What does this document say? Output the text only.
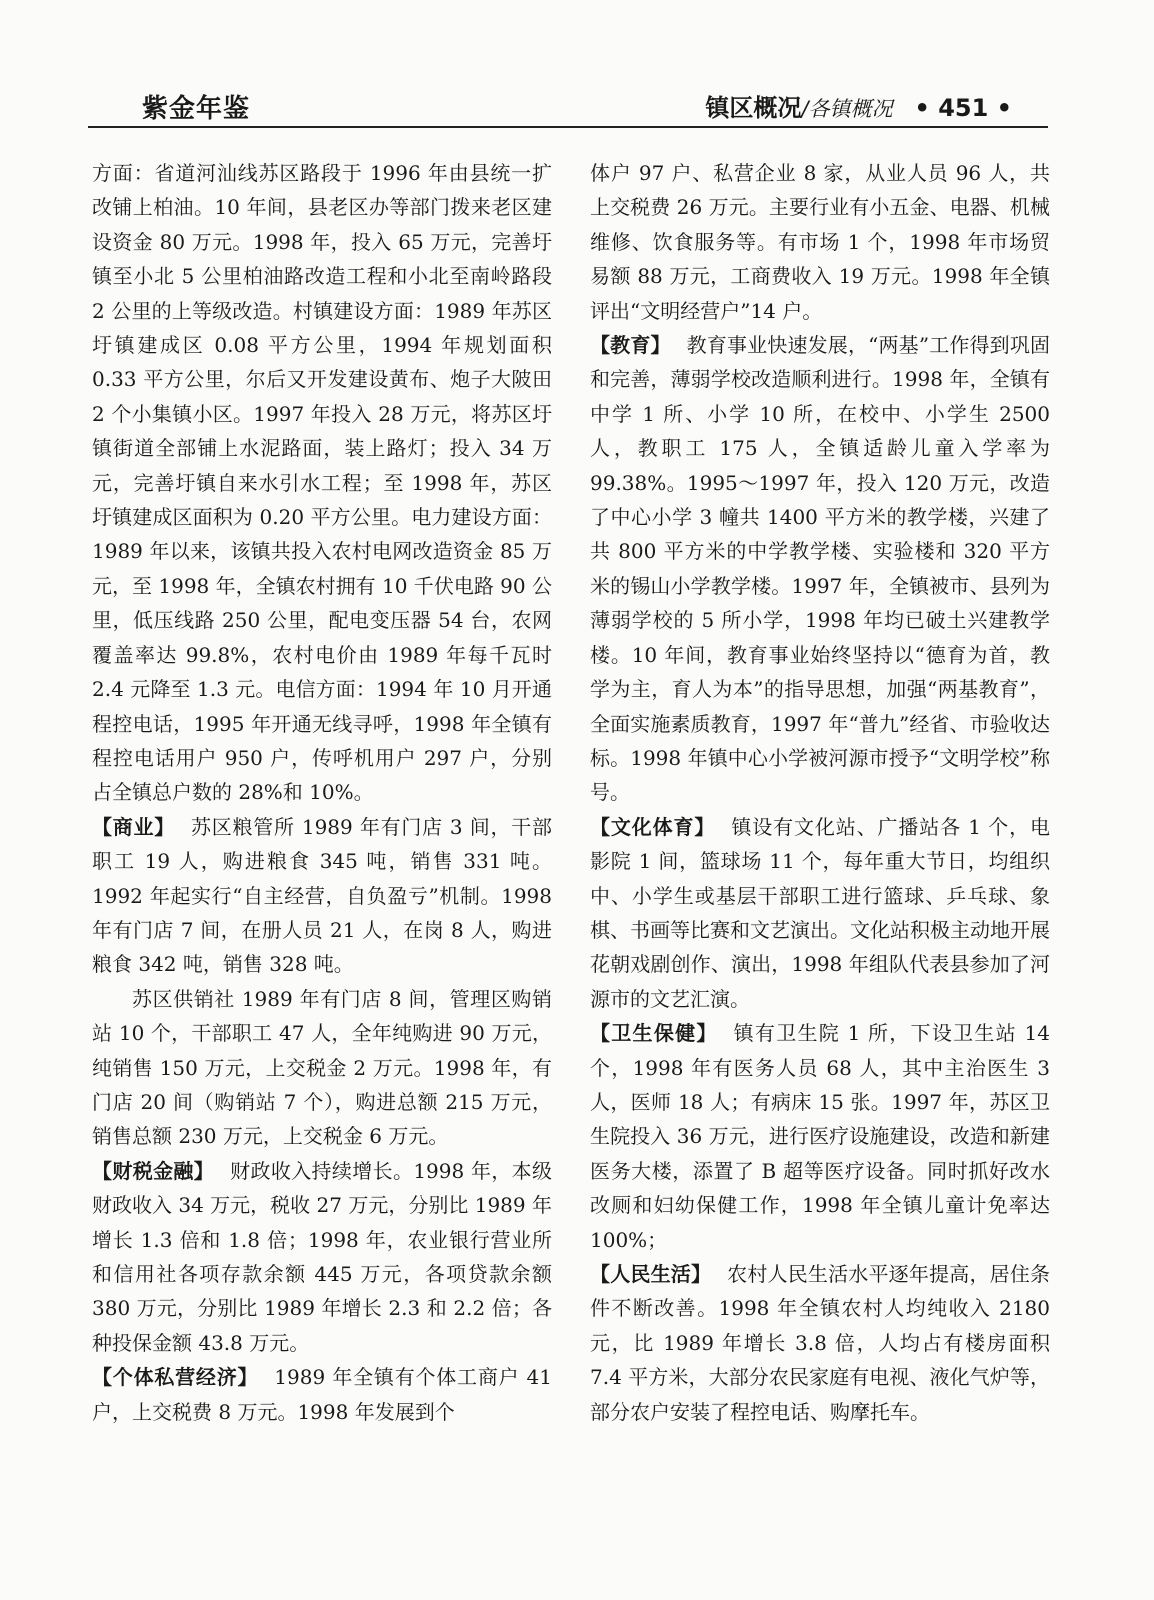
紫金年鉴	镇区概况/各镇概况 • 451 •

方面：省道河汕线苏区路段于 1996 年由县统一扩改铺上柏油。10 年间，县老区办等部门拨来老区建设资金 80 万元。1998 年，投入 65 万元，完善圩镇至小北 5 公里柏油路改造工程和小北至南岭路段 2 公里的上等级改造。村镇建设方面：1989 年苏区圩镇建成区 0.08 平方公里，1994 年规划面积 0.33 平方公里，尔后又开发建设黄布、炮子大陂田 2 个小集镇小区。1997 年投入 28 万元，将苏区圩镇街道全部铺上水泥路面，装上路灯；投入 34 万元，完善圩镇自来水引水工程；至 1998 年，苏区圩镇建成区面积为 0.20 平方公里。电力建设方面：1989 年以来，该镇共投入农村电网改造资金 85 万元，至 1998 年，全镇农村拥有 10 千伏电路 90 公里，低压线路 250 公里，配电变压器 54 台，农网覆盖率达 99.8%，农村电价由 1989 年每千瓦时 2.4 元降至 1.3 元。电信方面：1994 年 10 月开通程控电话，1995 年开通无线寻呼，1998 年全镇有程控电话用户 950 户，传呼机用户 297 户，分别占全镇总户数的 28%和 10%。

【商业】 苏区粮管所 1989 年有门店 3 间，干部职工 19 人，购进粮食 345 吨，销售 331 吨。1992 年起实行“自主经营，自负盈亏”机制。1998 年有门店 7 间，在册人员 21 人，在岗 8 人，购进粮食 342 吨，销售 328 吨。

苏区供销社 1989 年有门店 8 间，管理区购销站 10 个，干部职工 47 人，全年纯购进 90 万元，纯销售 150 万元，上交税金 2 万元。1998 年，有门店 20 间（购销站 7 个），购进总额 215 万元，销售总额 230 万元，上交税金 6 万元。

【财税金融】 财政收入持续增长。1998 年，本级财政收入 34 万元，税收 27 万元，分别比 1989 年增长 1.3 倍和 1.8 倍；1998 年，农业银行营业所和信用社各项存款余额 445 万元，各项贷款余额 380 万元，分别比 1989 年增长 2.3 和 2.2 倍；各种投保金额 43.8 万元。

【个体私营经济】 1989 年全镇有个体工商户 41 户，上交税费 8 万元。1998 年发展到个

体户 97 户、私营企业 8 家，从业人员 96 人，共上交税费 26 万元。主要行业有小五金、电器、机械维修、饮食服务等。有市场 1 个，1998 年市场贸易额 88 万元，工商费收入 19 万元。1998 年全镇评出“文明经营户”14 户。

【教育】 教育事业快速发展，“两基”工作得到巩固和完善，薄弱学校改造顺利进行。1998 年，全镇有中学 1 所、小学 10 所，在校中、小学生 2500 人，教职工 175 人，全镇适龄儿童入学率为 99.38%。1995～1997 年，投入 120 万元，改造了中心小学 3 幢共 1400 平方米的教学楼，兴建了共 800 平方米的中学教学楼、实验楼和 320 平方米的锡山小学教学楼。1997 年，全镇被市、县列为薄弱学校的 5 所小学，1998 年均已破土兴建教学楼。10 年间，教育事业始终坚持以“德育为首，教学为主，育人为本”的指导思想，加强“两基教育”，全面实施素质教育，1997 年“普九”经省、市验收达标。1998 年镇中心小学被河源市授予“文明学校”称号。

【文化体育】 镇设有文化站、广播站各 1 个，电影院 1 间，篮球场 11 个，每年重大节日，均组织中、小学生或基层干部职工进行篮球、乒乓球、象棋、书画等比赛和文艺演出。文化站积极主动地开展花朝戏剧创作、演出，1998 年组队代表县参加了河源市的文艺汇演。

【卫生保健】 镇有卫生院 1 所，下设卫生站 14 个，1998 年有医务人员 68 人，其中主治医生 3 人，医师 18 人；有病床 15 张。1997 年，苏区卫生院投入 36 万元，进行医疗设施建设，改造和新建医务大楼，添置了 B 超等医疗设备。同时抓好改水改厕和妇幼保健工作，1998 年全镇儿童计免率达 100%；

【人民生活】 农村人民生活水平逐年提高，居住条件不断改善。1998 年全镇农村人均纯收入 2180 元，比 1989 年增长 3.8 倍，人均占有楼房面积 7.4 平方米，大部分农民家庭有电视、液化气炉等，部分农户安装了程控电话、购摩托车。
